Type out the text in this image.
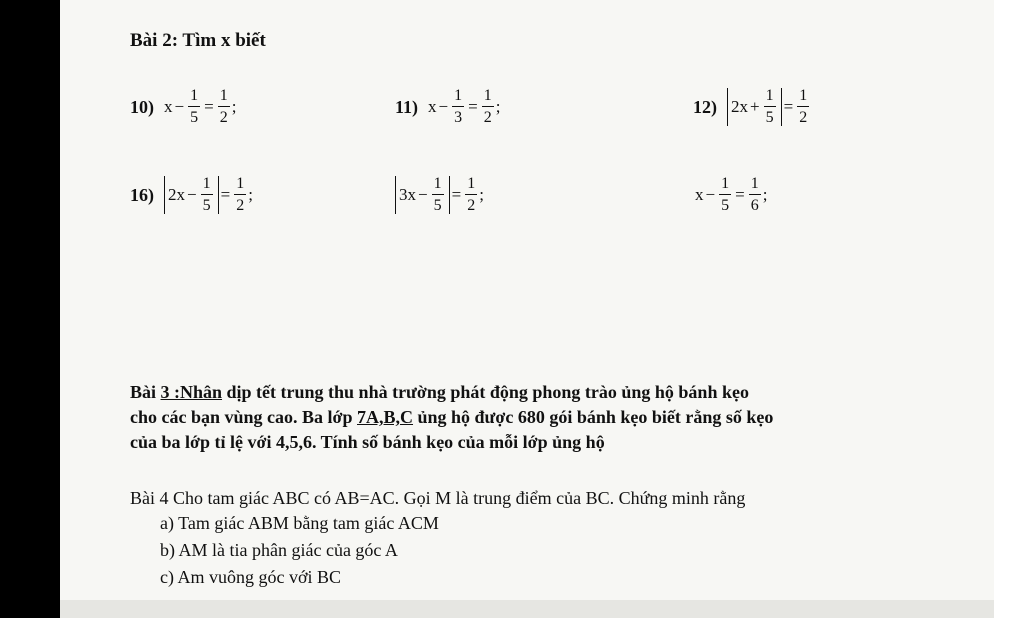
Bài 2: Tìm x biết
10) $x - \frac{1}{5} = \frac{1}{2}$ ;	11) $x - \frac{1}{3} = \frac{1}{2}$ ;	12) $2x + \frac{1}{5} = \frac{1}{2}$
16) $2x - \frac{1}{5} = \frac{1}{2}$ ;	$3x - \frac{1}{5} = \frac{1}{2}$ ;	$x - \frac{1}{5} = \frac{1}{6}$ ;
Bài 3 :Nhân dịp tết trung thu nhà trường phát động phong trào ủng hộ bánh kẹo
cho các bạn vùng cao. Ba lớp 7A,B,C ủng hộ được 680 gói bánh kẹo biết rằng số kẹo
của ba lớp tỉ lệ với 4,5,6. Tính số bánh kẹo của mỗi lớp ủng hộ
Bài 4 Cho tam giác ABC có AB=AC. Gọi M là trung điểm của BC. Chứng minh rằng
a) Tam giác ABM bằng tam giác ACM
b) AM là tia phân giác của góc A
c) Am vuông góc với BC
